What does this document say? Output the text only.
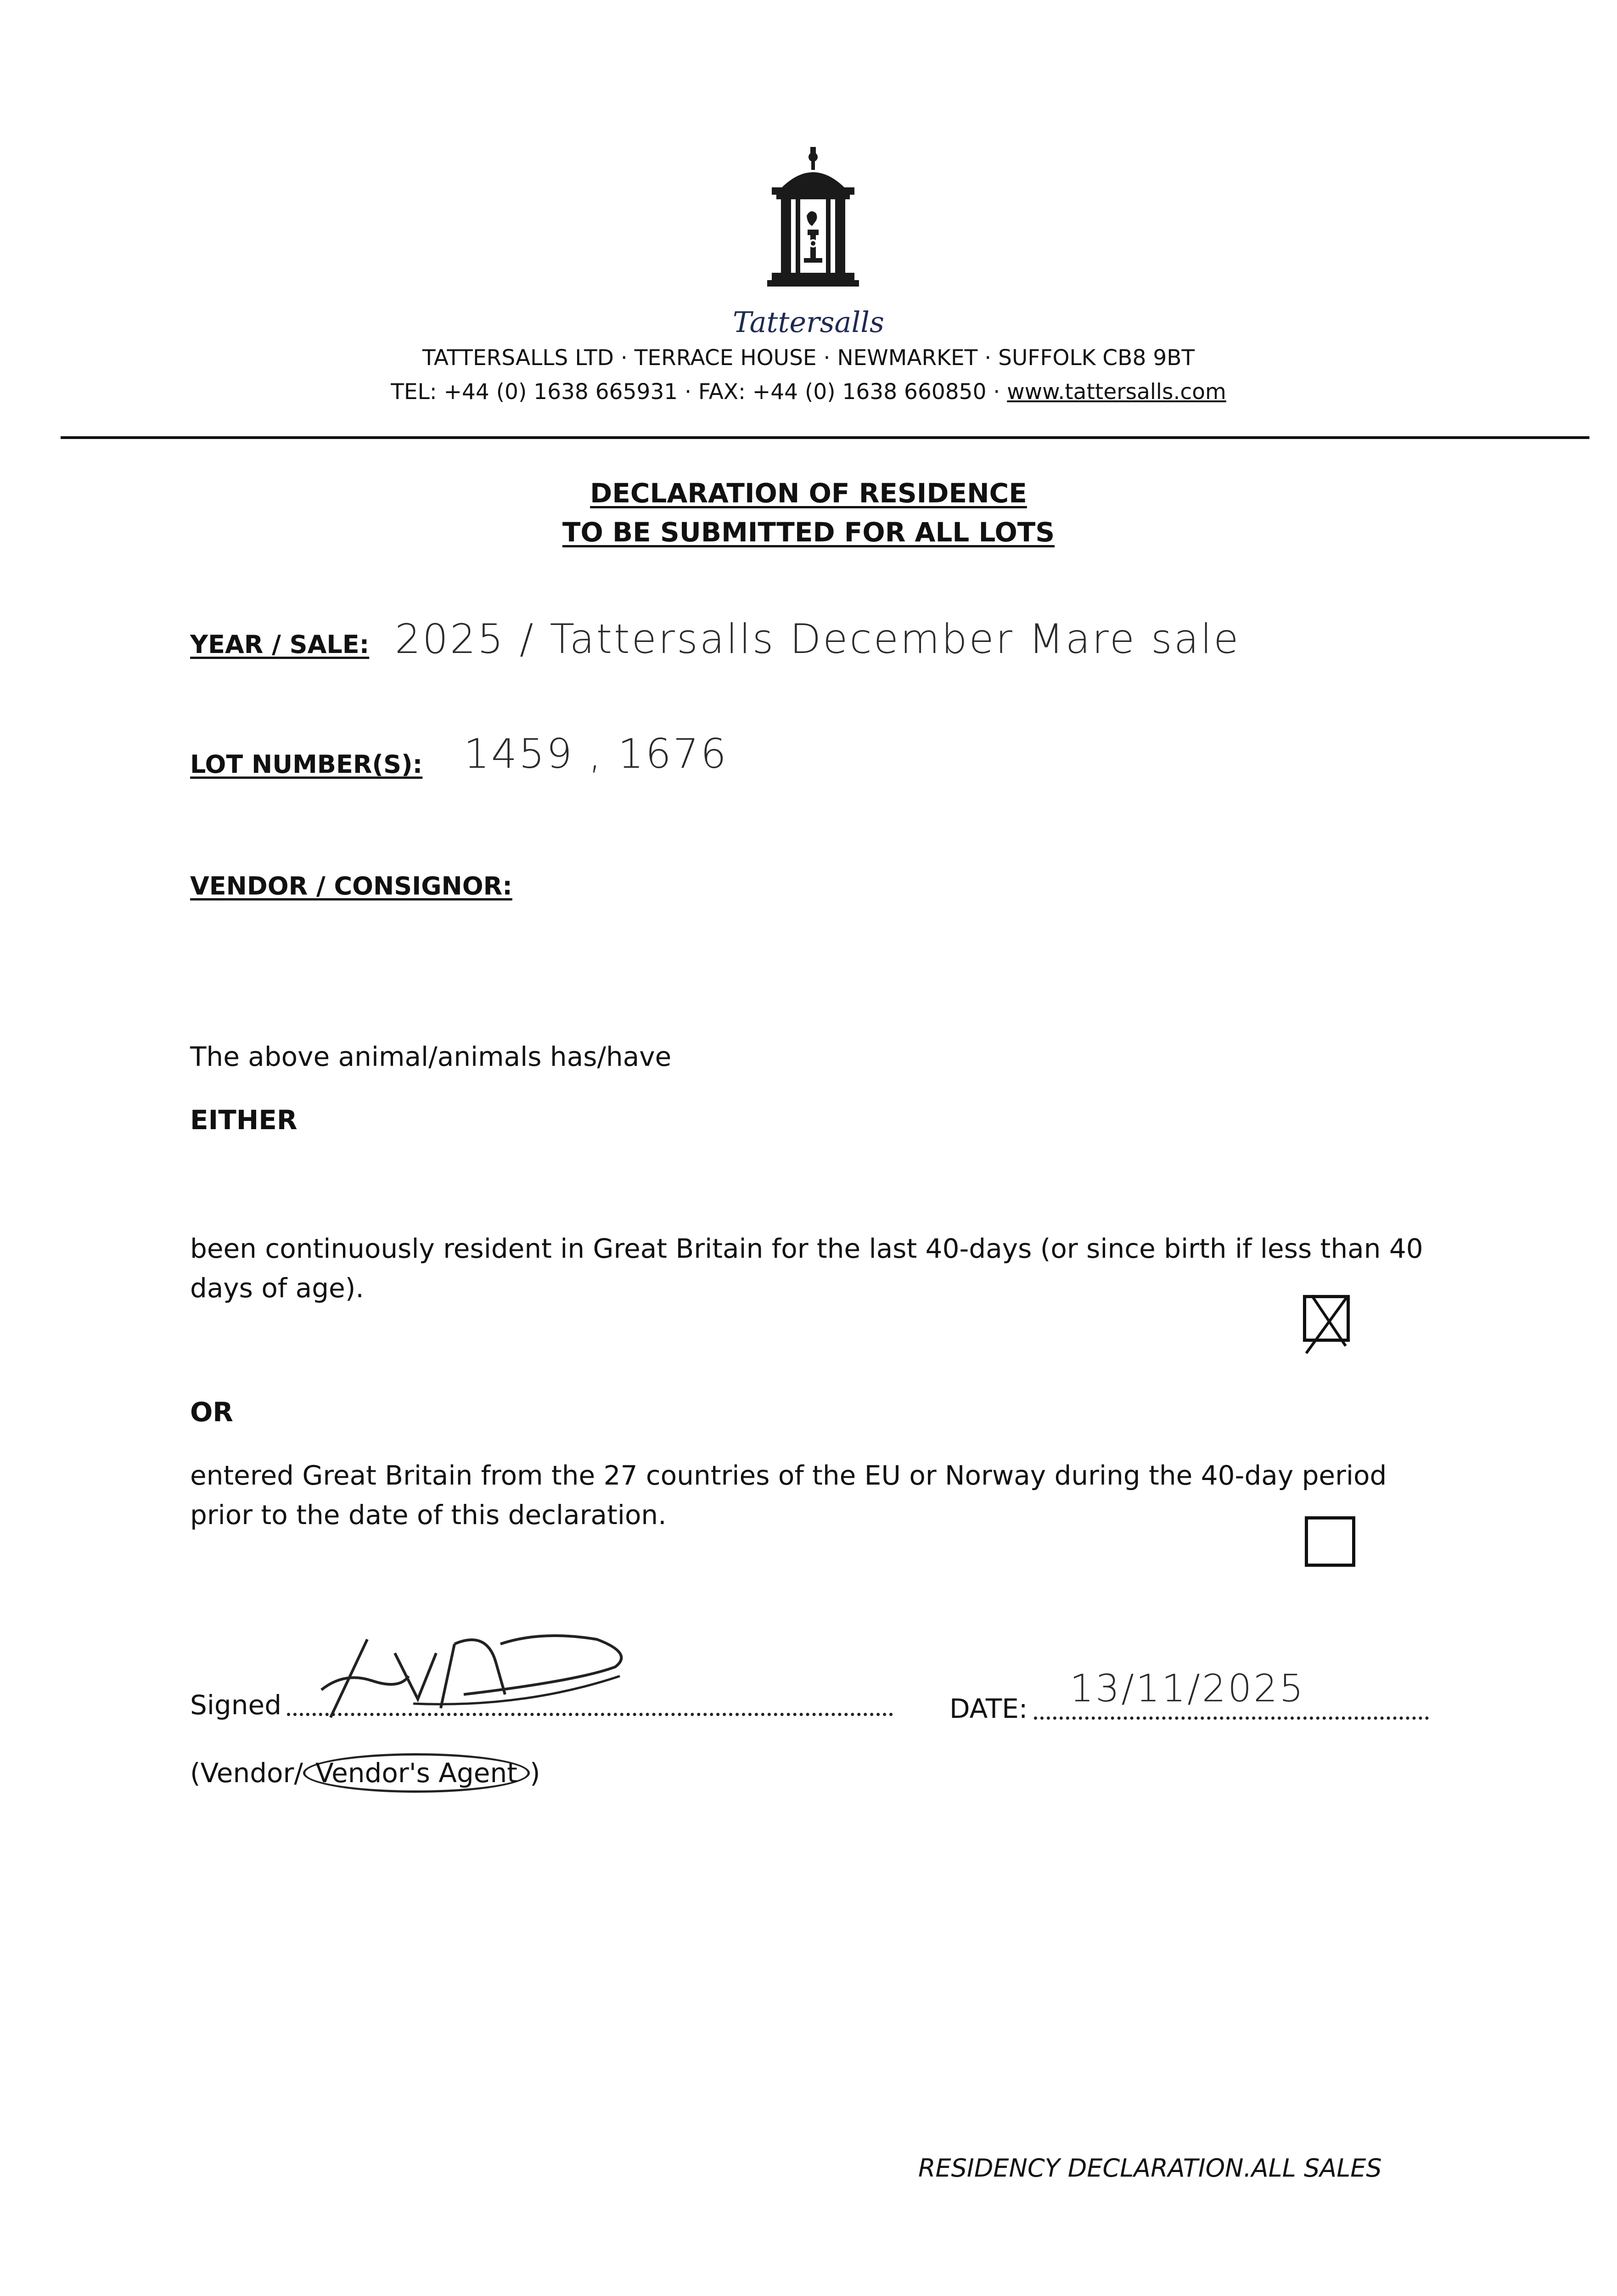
Tattersalls
TATTERSALLS LTD · TERRACE HOUSE · NEWMARKET · SUFFOLK CB8 9BT
TEL: +44 (0) 1638 665931 · FAX: +44 (0) 1638 660850 · www.tattersalls.com
DECLARATION OF RESIDENCE
TO BE SUBMITTED FOR ALL LOTS
YEAR / SALE: 2025 / Tattersalls December Mare sale
LOT NUMBER(S): 1459 , 1676
VENDOR / CONSIGNOR:
The above animal/animals has/have
EITHER
been continuously resident in Great Britain for the last 40-days (or since birth if less than 40
days of age).
OR
entered Great Britain from the 27 countries of the EU or Norway during the 40-day period
prior to the date of this declaration.
Signed	DATE: 13/11/2025
(Vendor/ Vendor's Agent )
RESIDENCY DECLARATION.ALL SALES
